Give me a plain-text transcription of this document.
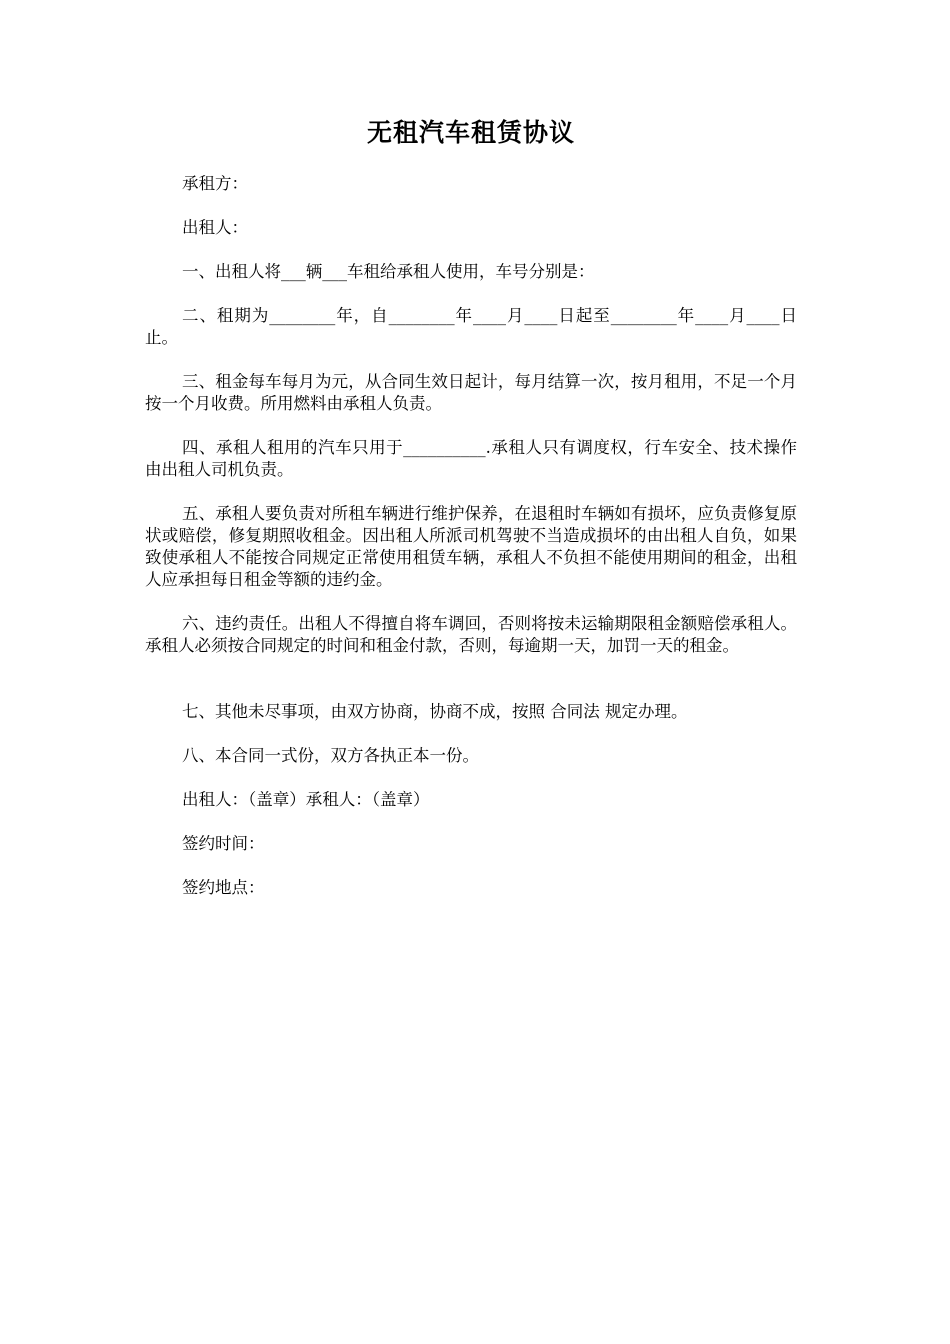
无租汽车租赁协议

承租方：

出租人：

一、出租人将___辆___车租给承租人使用，车号分别是：

二、租期为________年，自________年____月____日起至________年____月____日止。

三、租金每车每月为元，从合同生效日起计，每月结算一次，按月租用，不足一个月按一个月收费。所用燃料由承租人负责。

四、承租人租用的汽车只用于__________.承租人只有调度权，行车安全、技术操作由出租人司机负责。

五、承租人要负责对所租车辆进行维护保养，在退租时车辆如有损坏，应负责修复原状或赔偿，修复期照收租金。因出租人所派司机驾驶不当造成损坏的由出租人自负，如果致使承租人不能按合同规定正常使用租赁车辆，承租人不负担不能使用期间的租金，出租人应承担每日租金等额的违约金。

六、违约责任。出租人不得擅自将车调回，否则将按未运输期限租金额赔偿承租人。承租人必须按合同规定的时间和租金付款，否则，每逾期一天，加罚一天的租金。

七、其他未尽事项，由双方协商，协商不成，按照 合同法 规定办理。

八、本合同一式份，双方各执正本一份。

出租人：（盖章）承租人：（盖章）

签约时间：

签约地点：
